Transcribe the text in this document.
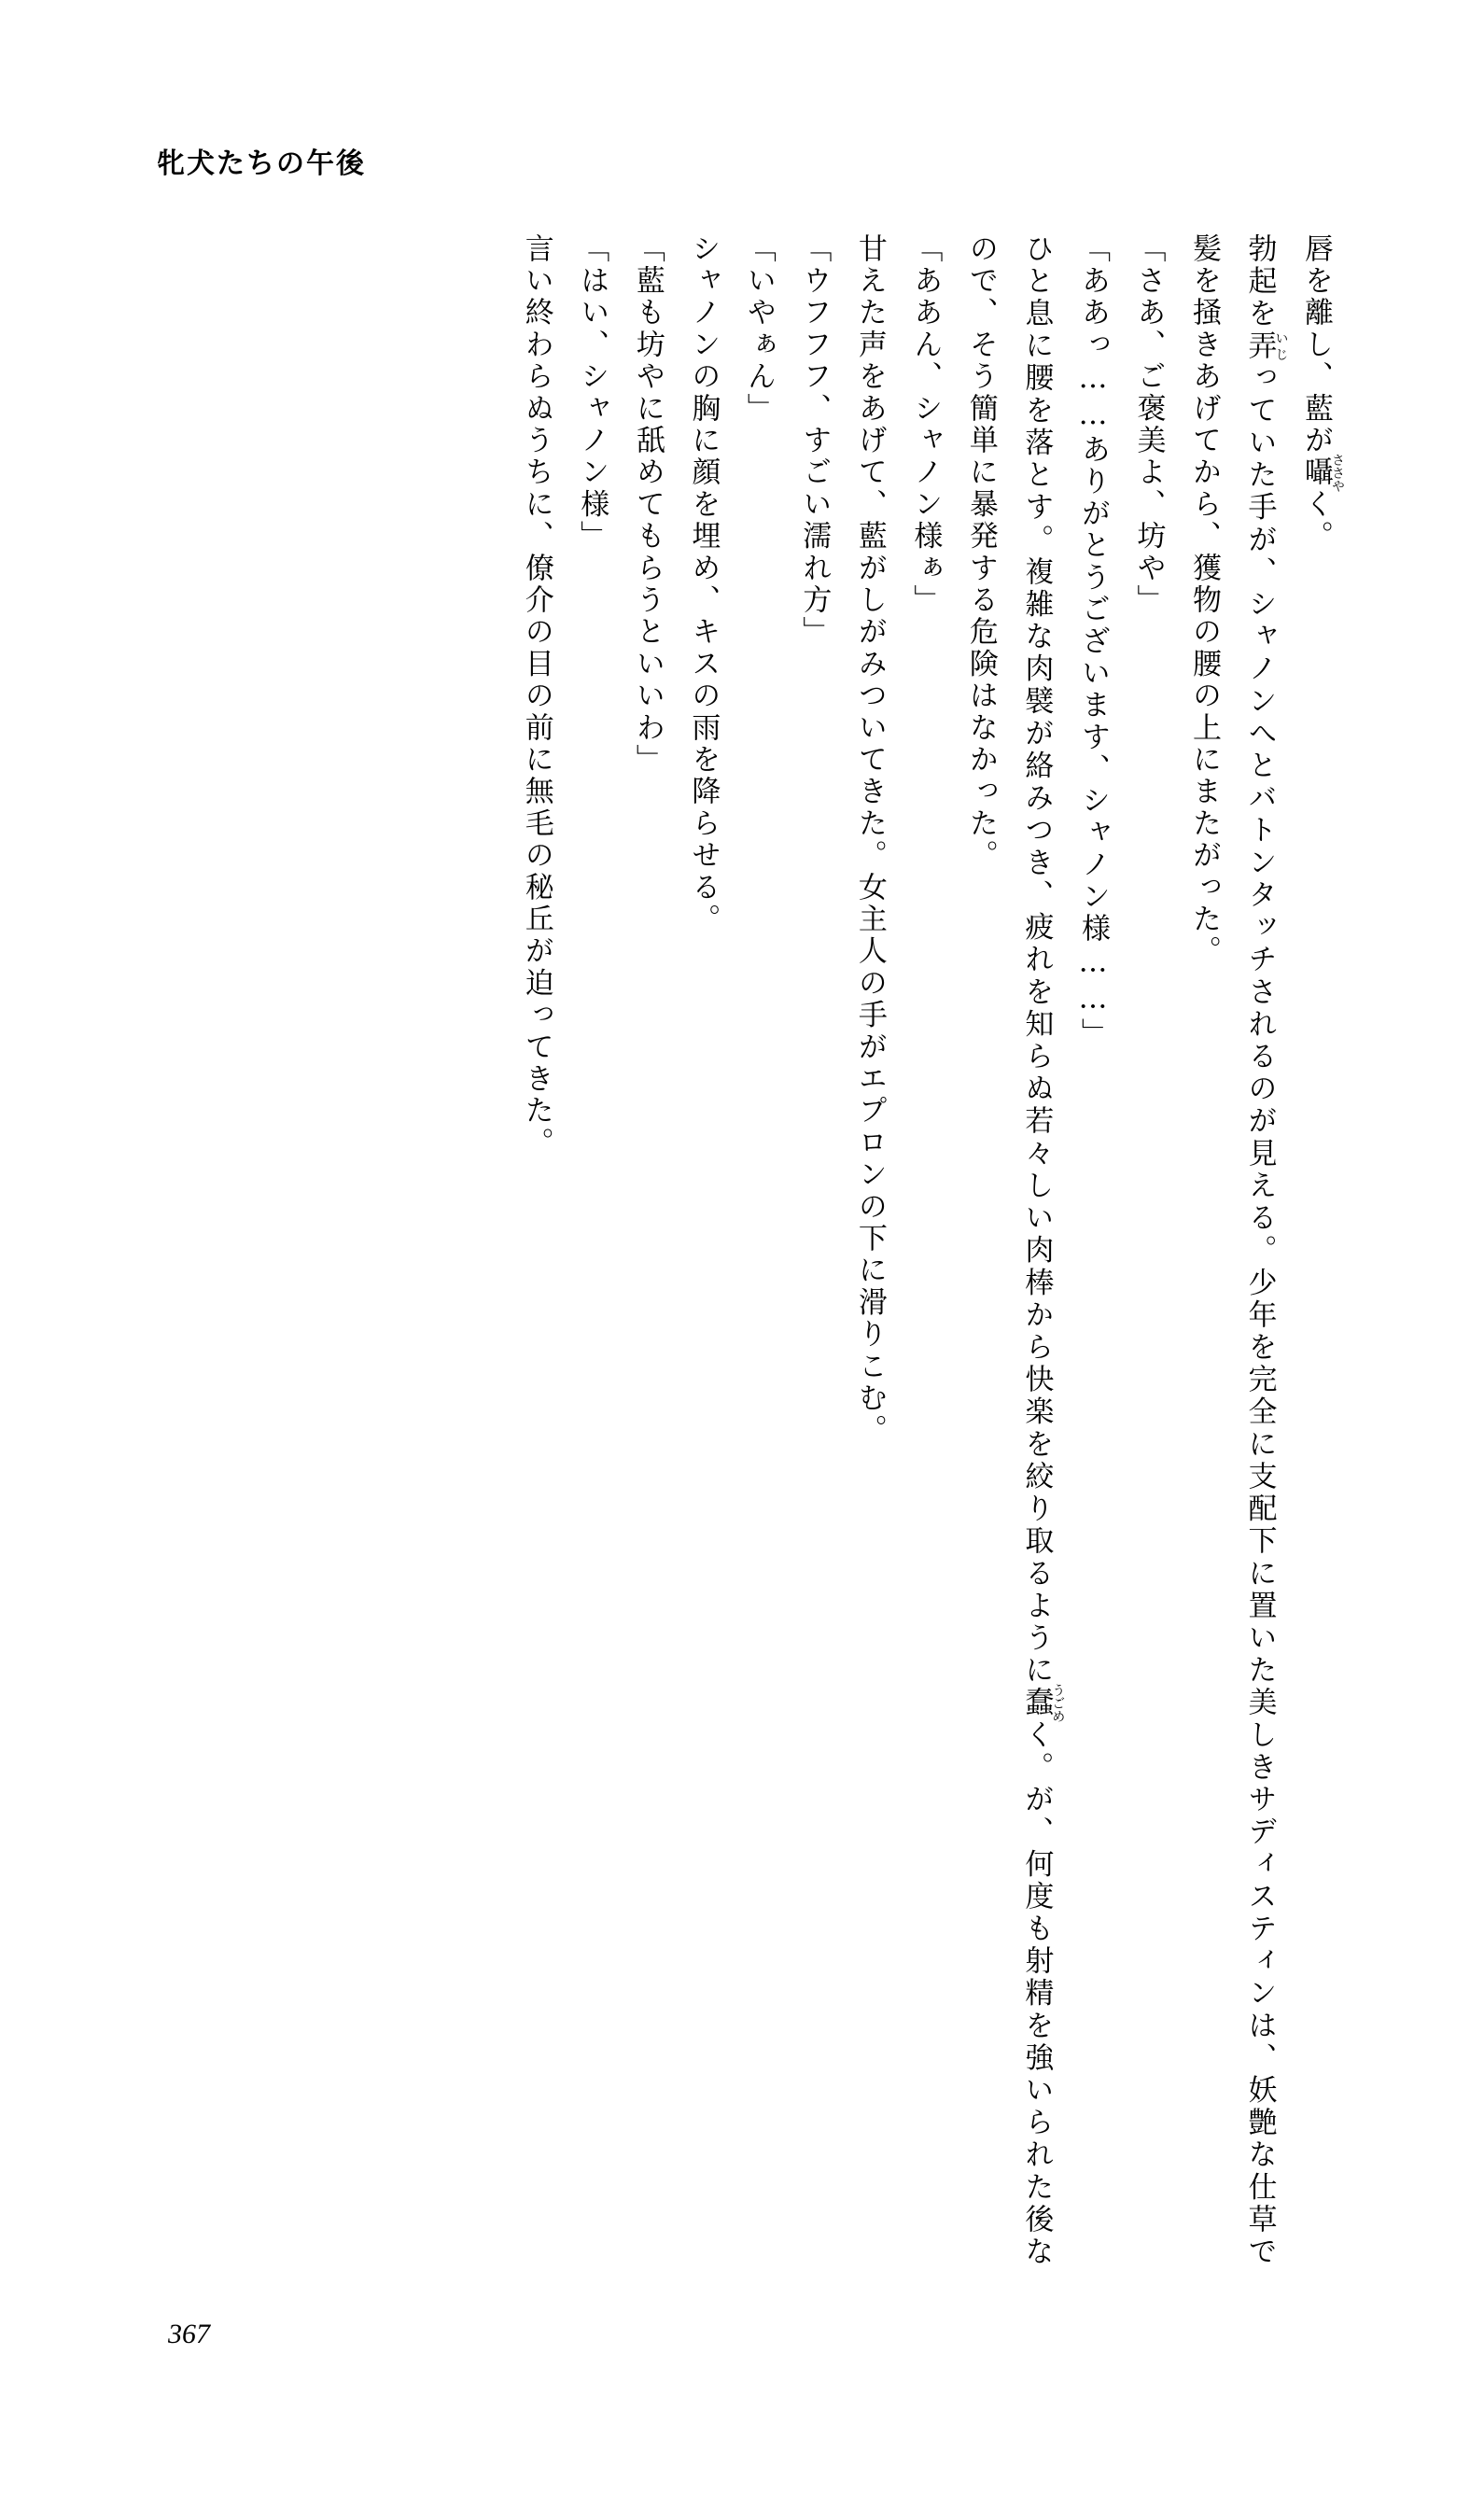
牝犬たちの午後

唇を離し、藍が囁ささやく。

勃起を弄いじっていた手が、シャノンへとバトンタッチされるのが見える。少年を完全に支配下に置いた美しきサディスティンは、妖艶な仕草で髪を掻きあげてから、獲物の腰の上にまたがった。

「さあ、ご褒美よ、坊や」

「ああっ……ありがとうございます、シャノン様……」

ひと息に腰を落とす。複雑な肉襞が絡みつき、疲れを知らぬ若々しい肉棒から快楽を絞り取るように蠢うごめく。が、何度も射精を強いられた後なので、そう簡単に暴発する危険はなかった。

「ああん、シャノン様ぁ」

甘えた声をあげて、藍がしがみついてきた。女主人の手がエプロンの下に滑りこむ。

「ウフフフ、すごい濡れ方」

「いやぁん」

シャノンの胸に顔を埋め、キスの雨を降らせる。

「藍も坊やに舐めてもらうといいわ」

「はい、シャノン様」

言い終わらぬうちに、僚介の目の前に無毛の秘丘が迫ってきた。

367
